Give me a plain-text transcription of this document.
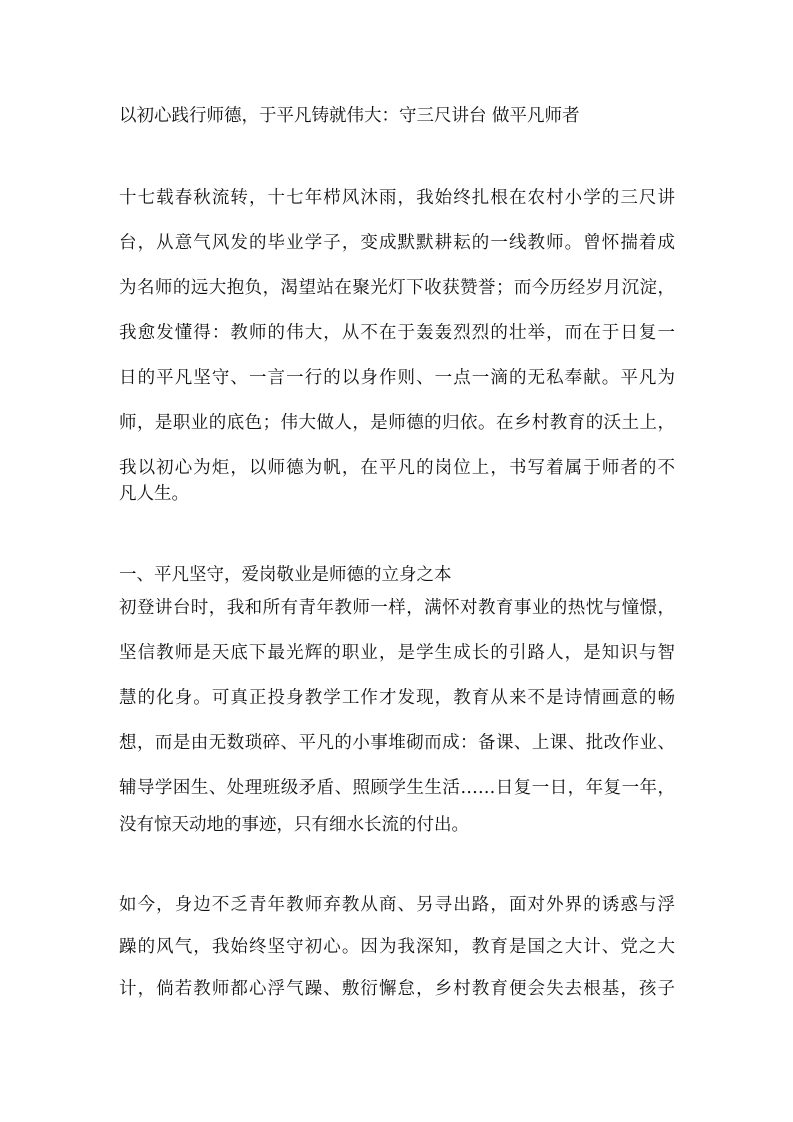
以初心践行师德，于平凡铸就伟大：守三尺讲台 做平凡师者
十七载春秋流转，十七年栉风沐雨，我始终扎根在农村小学的三尺讲
台，从意气风发的毕业学子，变成默默耕耘的一线教师。曾怀揣着成
为名师的远大抱负，渴望站在聚光灯下收获赞誉；而今历经岁月沉淀，
我愈发懂得：教师的伟大，从不在于轰轰烈烈的壮举，而在于日复一
日的平凡坚守、一言一行的以身作则、一点一滴的无私奉献。平凡为
师，是职业的底色；伟大做人，是师德的归依。在乡村教育的沃土上，
我以初心为炬，以师德为帆，在平凡的岗位上，书写着属于师者的不
凡人生。
一、平凡坚守，爱岗敬业是师德的立身之本
初登讲台时，我和所有青年教师一样，满怀对教育事业的热忱与憧憬，
坚信教师是天底下最光辉的职业，是学生成长的引路人，是知识与智
慧的化身。可真正投身教学工作才发现，教育从来不是诗情画意的畅
想，而是由无数琐碎、平凡的小事堆砌而成：备课、上课、批改作业、
辅导学困生、处理班级矛盾、照顾学生生活……日复一日，年复一年，
没有惊天动地的事迹，只有细水长流的付出。
如今，身边不乏青年教师弃教从商、另寻出路，面对外界的诱惑与浮
躁的风气，我始终坚守初心。因为我深知，教育是国之大计、党之大
计，倘若教师都心浮气躁、敷衍懈怠，乡村教育便会失去根基，孩子
